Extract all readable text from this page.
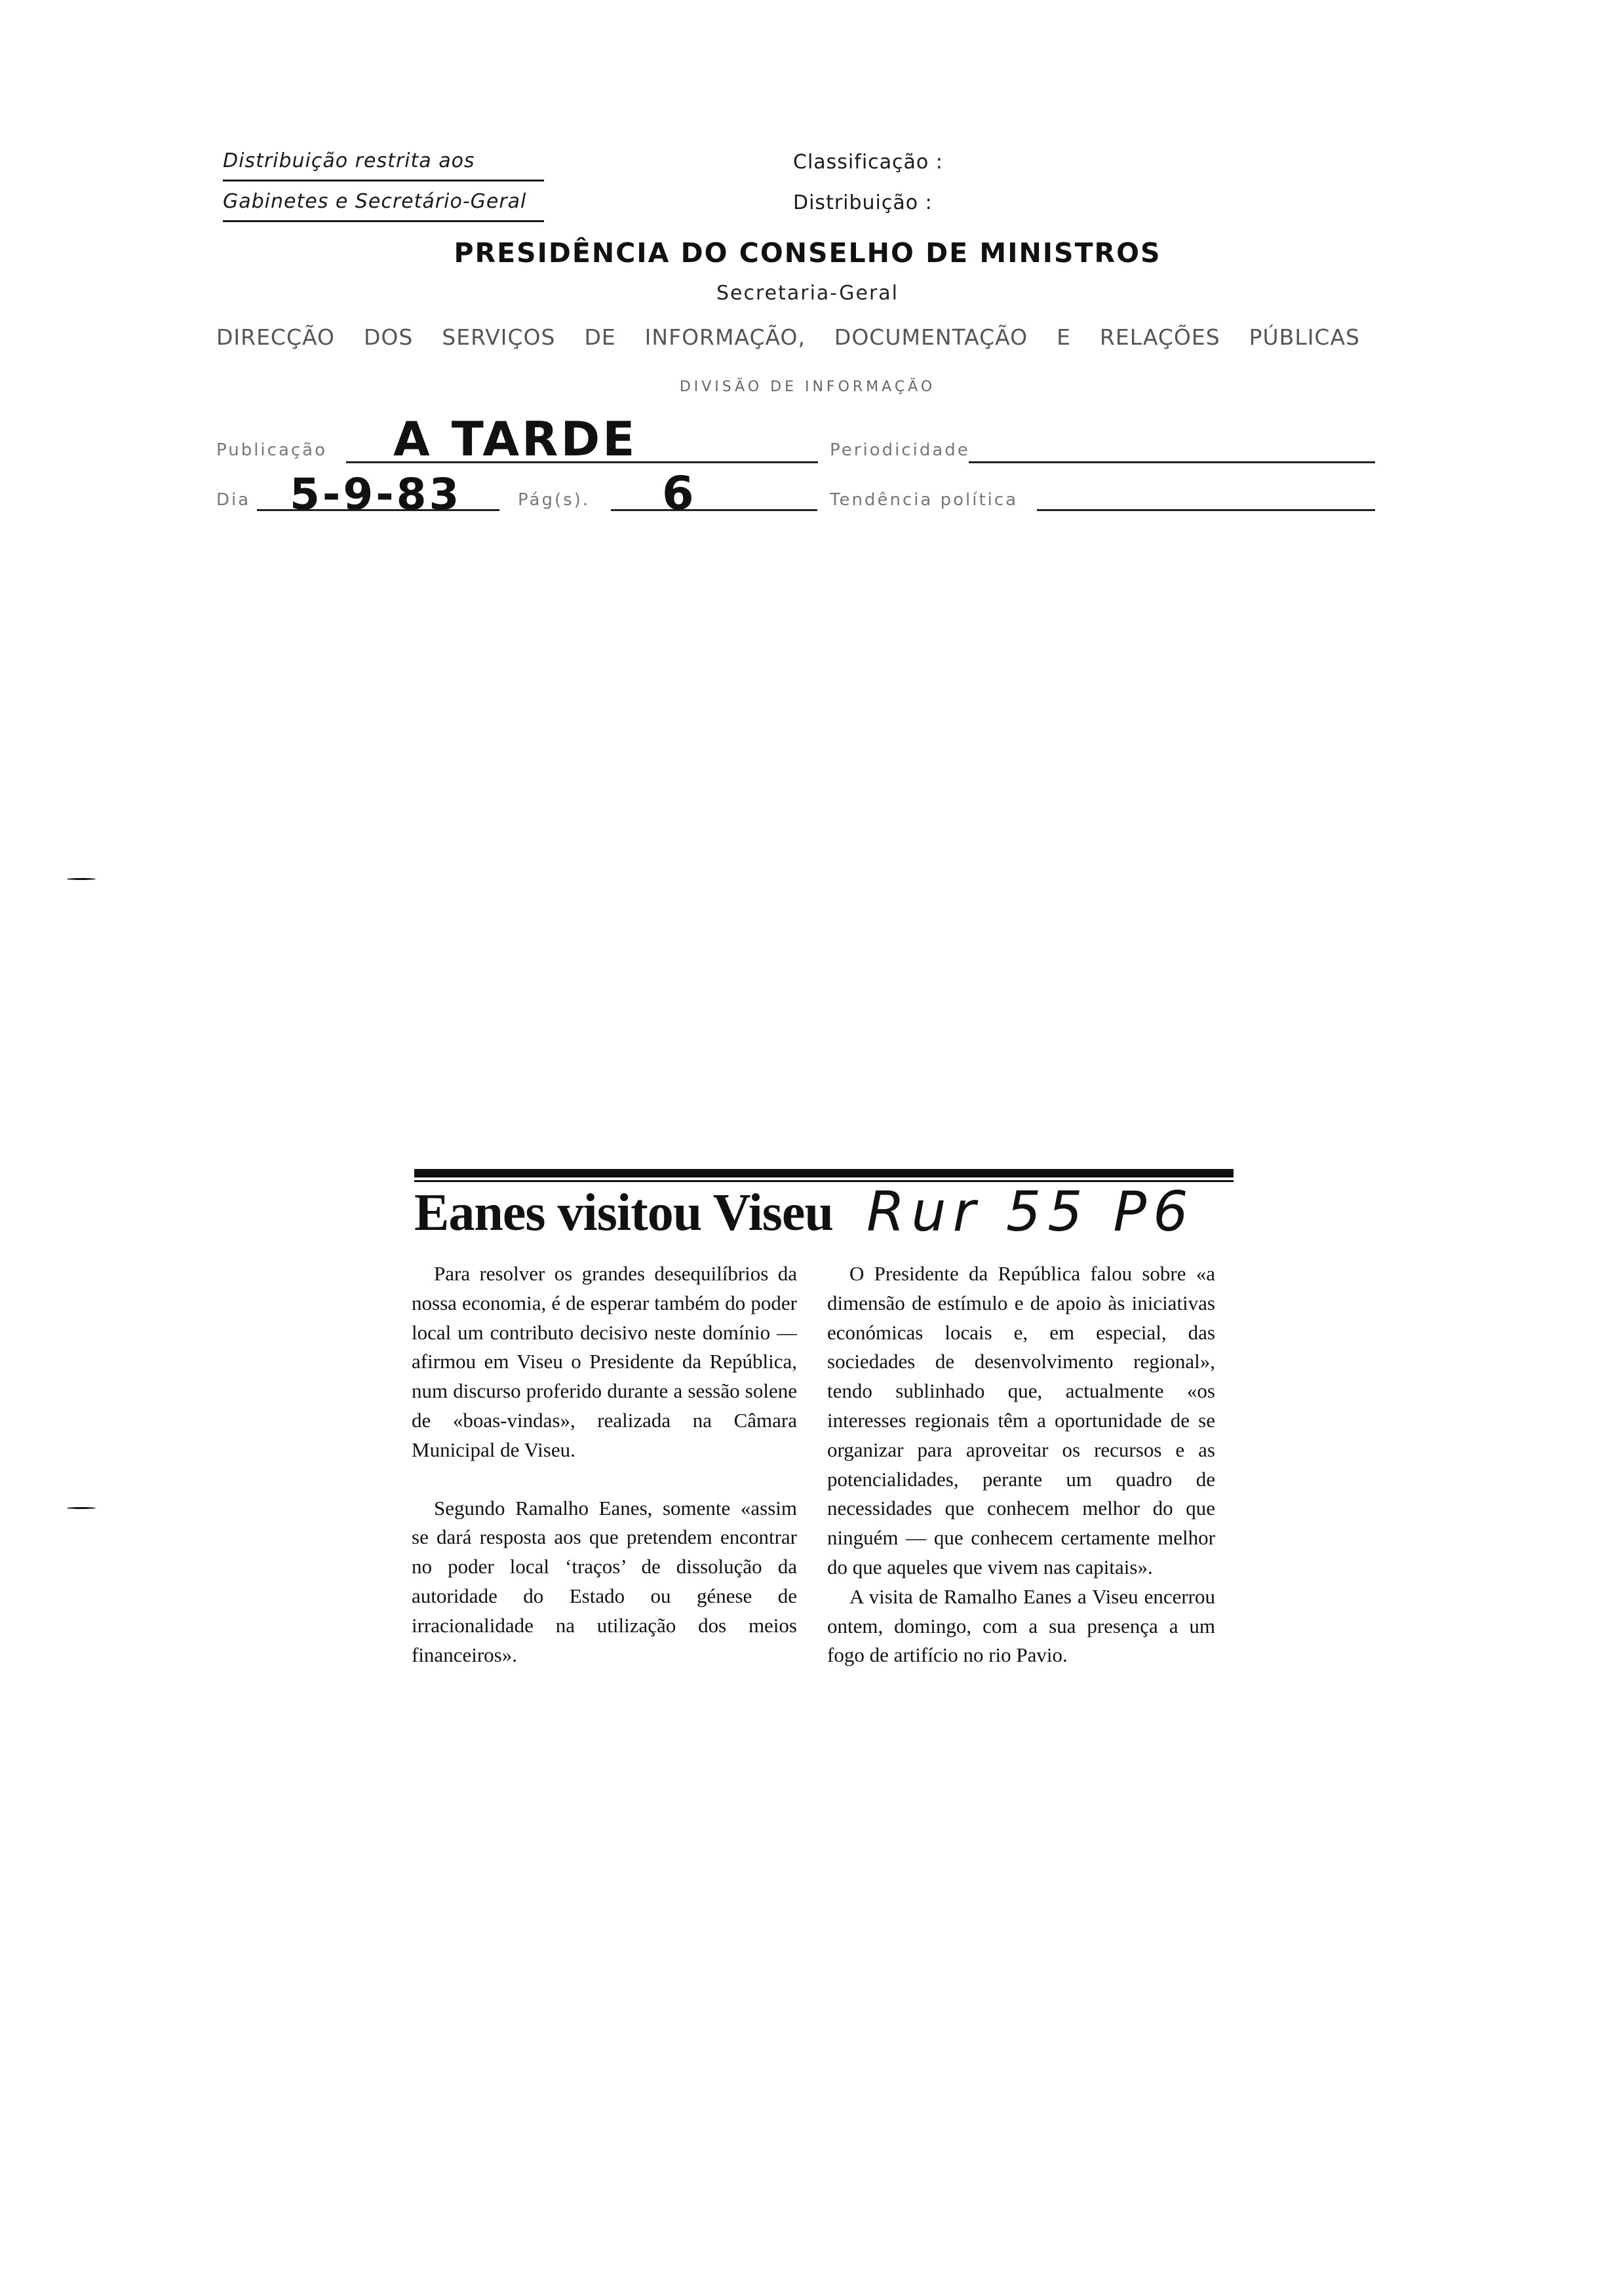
Distribuição restrita aos
Gabinetes e Secretário-Geral
Classificação :
Distribuição :
PRESIDÊNCIA DO CONSELHO DE MINISTROS
Secretaria-Geral
DIRECÇÃO DOS SERVIÇOS DE INFORMAÇÃO, DOCUMENTAÇÃO E RELAÇÕES PÚBLICAS
DIVISÃO DE INFORMAÇÃO
Publicação A TARDE	Periodicidade
Dia 5-9-83	Pág(s). 6	Tendência política
Eanes visitou Viseu Rur 55 P6

Para resolver os grandes desequilíbrios da nossa economia, é de esperar também do poder local um contributo decisivo neste domínio — afirmou em Viseu o Presidente da República, num discurso proferido durante a sessão solene de «boas-vindas», realizada na Câmara Municipal de Viseu.

Segundo Ramalho Eanes, somente «assim se dará resposta aos que pretendem encontrar no poder local ‘traços’ de dissolução da autoridade do Estado ou génese de irracionalidade na utilização dos meios financeiros».

O Presidente da República falou sobre «a dimensão de estímulo e de apoio às iniciativas económicas locais e, em especial, das sociedades de desenvolvimento regional», tendo sublinhado que, actualmente «os interesses regionais têm a oportunidade de se organizar para aproveitar os recursos e as potencialidades, perante um quadro de necessidades que conhecem melhor do que ninguém — que conhecem certamente melhor do que aqueles que vivem nas capitais».

A visita de Ramalho Eanes a Viseu encerrou ontem, domingo, com a sua presença a um fogo de artifício no rio Pavio.
